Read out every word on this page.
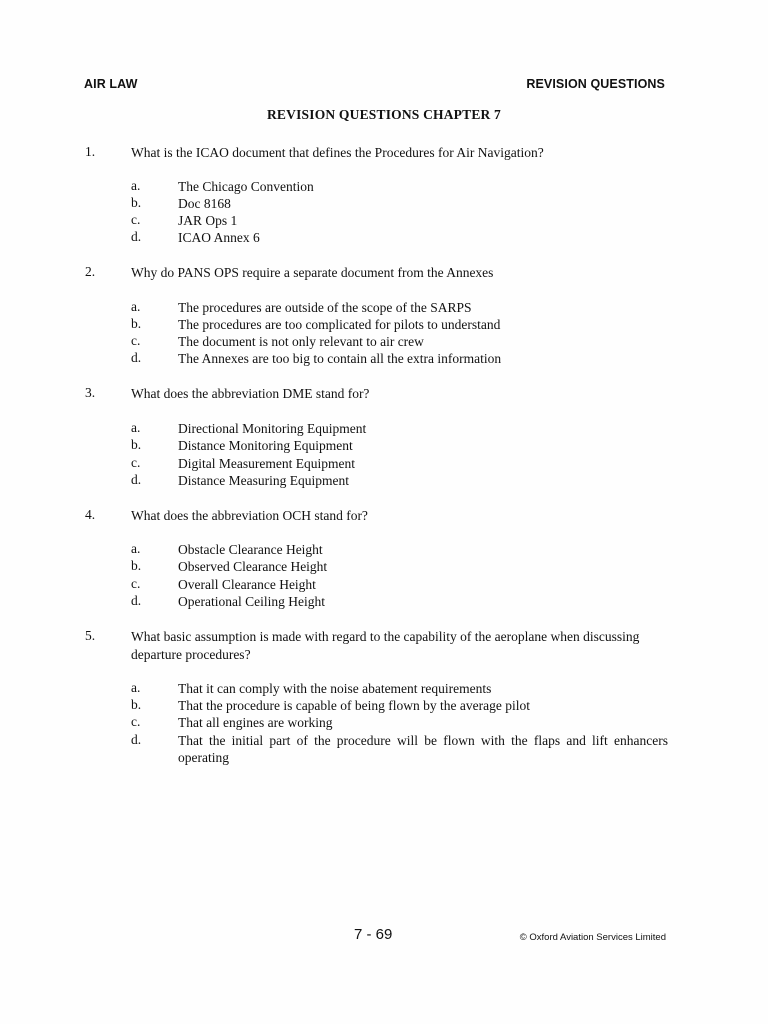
AIR LAW	REVISION QUESTIONS
REVISION QUESTIONS CHAPTER 7
1.	What is the ICAO document that defines the Procedures for Air Navigation?
a.	The Chicago Convention
b.	Doc 8168
c.	JAR Ops 1
d.	ICAO Annex 6
2.	Why do PANS OPS require a separate document from the Annexes
a.	The procedures are outside of the scope of the SARPS
b.	The procedures are too complicated for pilots to understand
c.	The document is not only relevant to air crew
d.	The Annexes are too big to contain all the extra information
3.	What does the abbreviation DME stand for?
a.	Directional Monitoring Equipment
b.	Distance Monitoring Equipment
c.	Digital Measurement Equipment
d.	Distance Measuring Equipment
4.	What does the abbreviation OCH stand for?
a.	Obstacle Clearance Height
b.	Observed Clearance Height
c.	Overall Clearance Height
d.	Operational Ceiling Height
5.	What basic assumption is made with regard to the capability of the aeroplane when discussing departure procedures?
a.	That it can comply with the noise abatement requirements
b.	That the procedure is capable of being flown by the average pilot
c.	That all engines are working
d.	That the initial part of the procedure will be flown with the flaps and lift enhancers operating
7 - 69	© Oxford Aviation Services Limited
